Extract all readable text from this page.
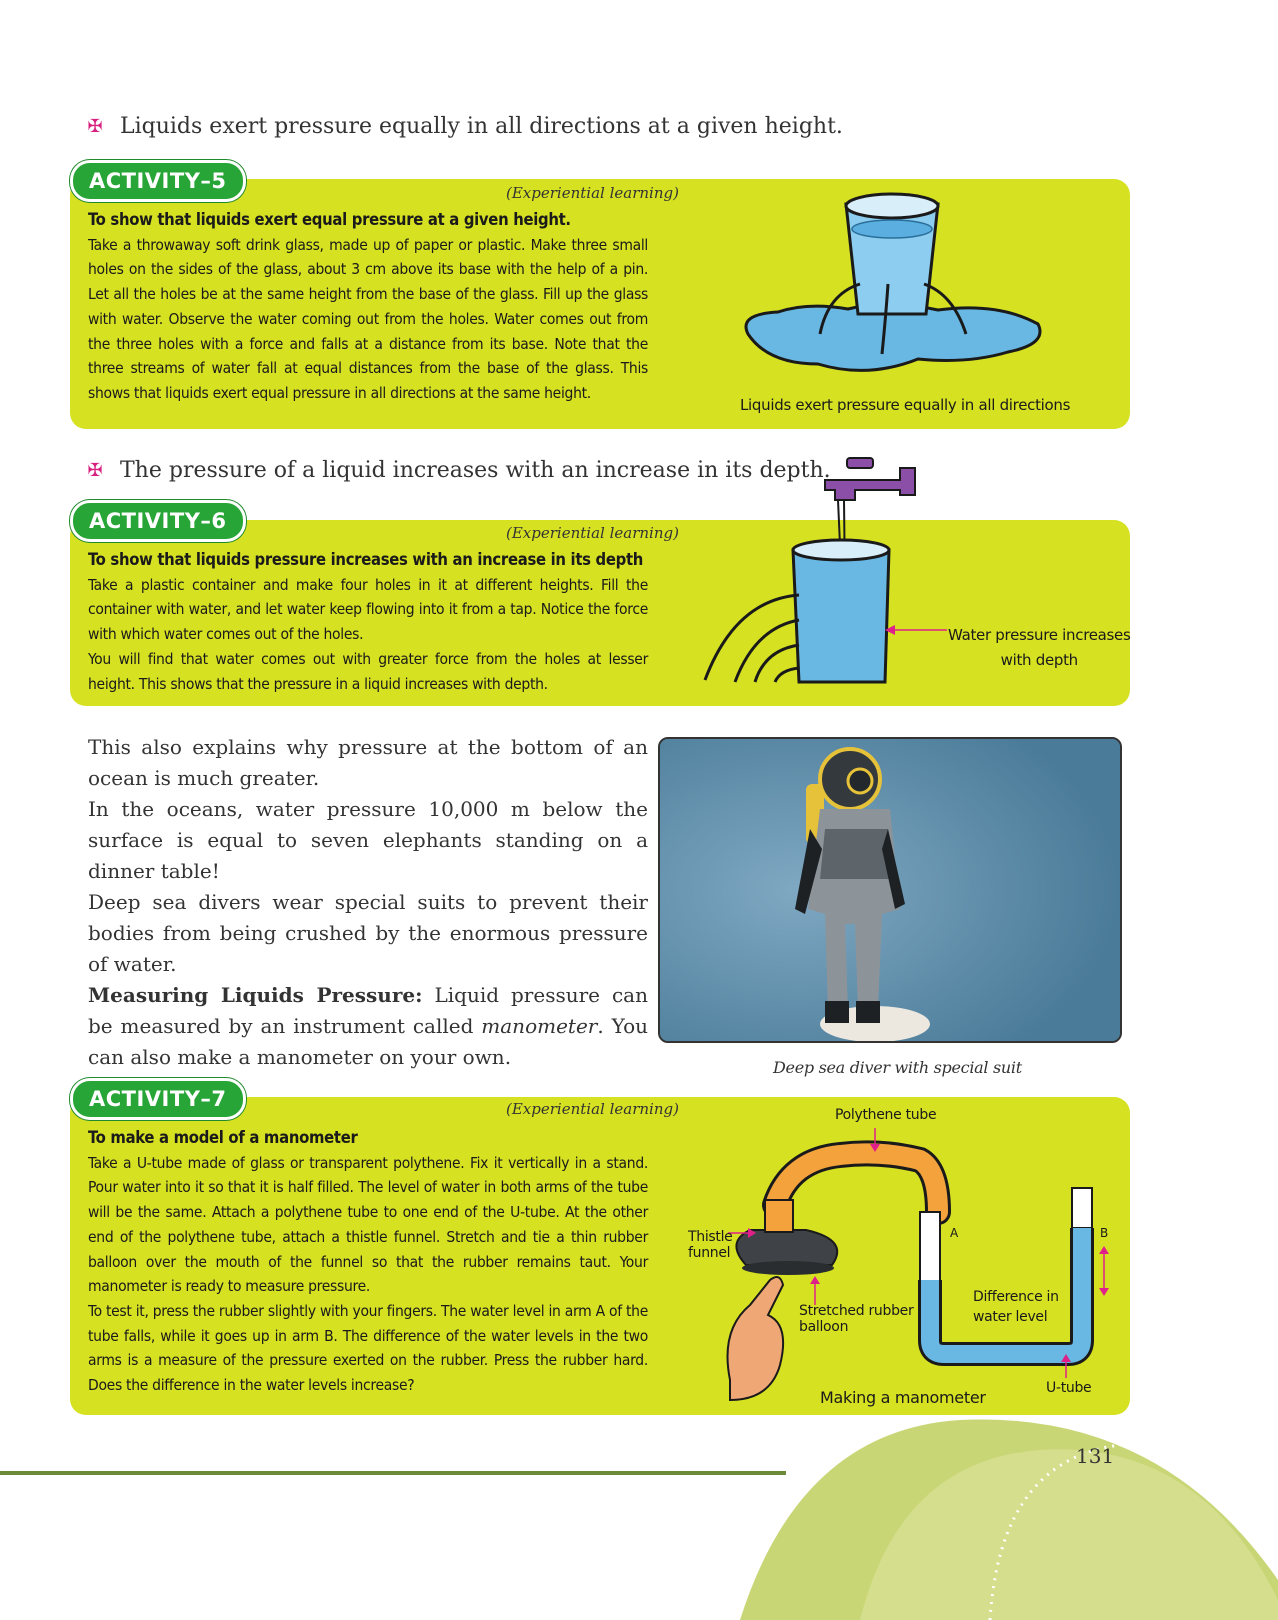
✠ Liquids exert pressure equally in all directions at a given height.
ACTIVITY–5	(Experiential learning)

To show that liquids exert equal pressure at a given height.

Take a throwaway soft drink glass, made up of paper or plastic. Make three small holes on the sides of the glass, about 3 cm above its base with the help of a pin. Let all the holes be at the same height from the base of the glass. Fill up the glass with water. Observe the water coming out from the holes. Water comes out from the three holes with a force and falls at a distance from its base. Note that the three streams of water fall at equal distances from the base of the glass. This shows that liquids exert equal pressure in all directions at the same height.

Liquids exert pressure equally in all directions
✠ The pressure of a liquid increases with an increase in its depth.
ACTIVITY–6	(Experiential learning)

To show that liquids pressure increases with an increase in its depth

Take a plastic container and make four holes in it at different heights. Fill the container with water, and let water keep flowing into it from a tap. Notice the force with which water comes out of the holes.

You will find that water comes out with greater force from the holes at lesser height. This shows that the pressure in a liquid increases with depth.

Water pressure increases
with depth

This also explains why pressure at the bottom of an ocean is much greater.

In the oceans, water pressure 10,000 m below the surface is equal to seven elephants standing on a dinner table!

Deep sea divers wear special suits to prevent their bodies from being crushed by the enormous pressure of water.

Measuring Liquids Pressure: Liquid pressure can be measured by an instrument called manometer. You can also make a manometer on your own.	Deep sea diver with special suit
ACTIVITY–7	(Experiential learning)

To make a model of a manometer

Take a U-tube made of glass or transparent polythene. Fix it vertically in a stand. Pour water into it so that it is half filled. The level of water in both arms of the tube will be the same. Attach a polythene tube to one end of the U-tube. At the other end of the polythene tube, attach a thistle funnel. Stretch and tie a thin rubber balloon over the mouth of the funnel so that the rubber remains taut. Your manometer is ready to measure pressure.

To test it, press the rubber slightly with your fingers. The water level in arm A of the tube falls, while it goes up in arm B. The difference of the water levels in the two arms is a measure of the pressure exerted on the rubber. Press the rubber hard. Does the difference in the water levels increase?

Polythene tube
Thistle
funnel
A	B
Difference in
water level
Stretched rubber
balloon
U-tube
Making a manometer
131
